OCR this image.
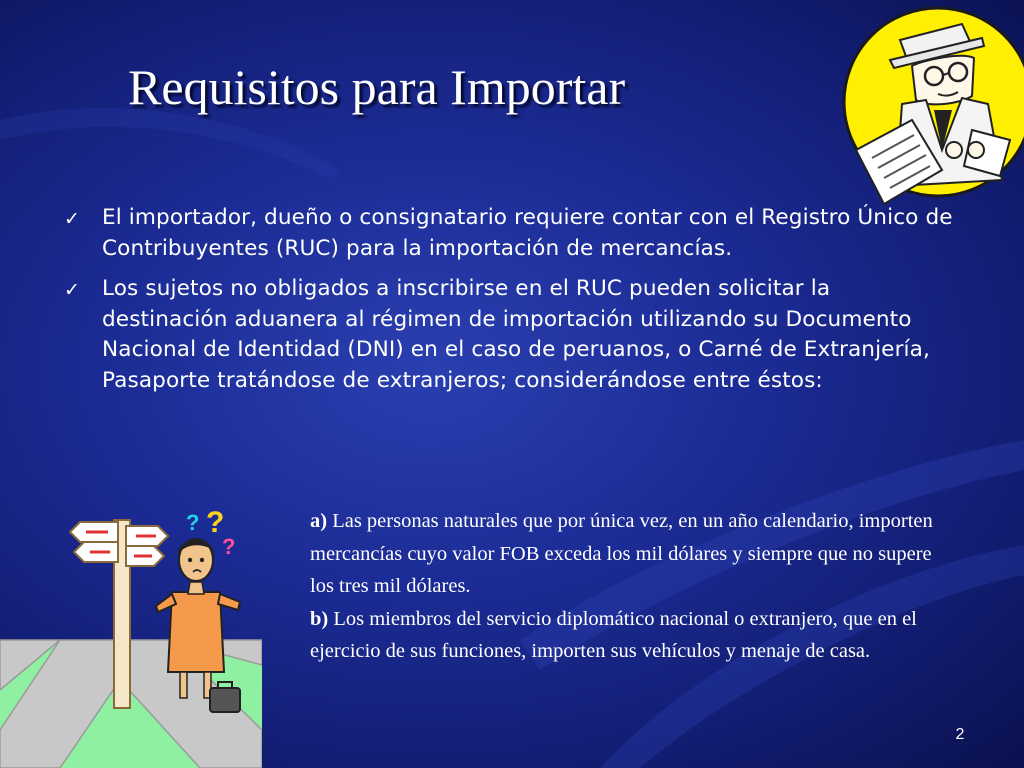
Requisitos para Importar
✓ El importador, dueño o consignatario requiere contar con el Registro Único de Contribuyentes (RUC) para la importación de mercancías.
✓ Los sujetos no obligados a inscribirse en el RUC pueden solicitar la destinación aduanera al régimen de importación utilizando su Documento Nacional de Identidad (DNI) en el caso de peruanos, o Carné de Extranjería, Pasaporte tratándose de extranjeros; considerándose entre éstos:
? ?
?
a) Las personas naturales que por única vez, en un año calendario, importen mercancías cuyo valor FOB exceda los mil dólares y siempre que no supere los tres mil dólares.
b) Los miembros del servicio diplomático nacional o extranjero, que en el ejercicio de sus funciones, importen sus vehículos y menaje de casa.
2
